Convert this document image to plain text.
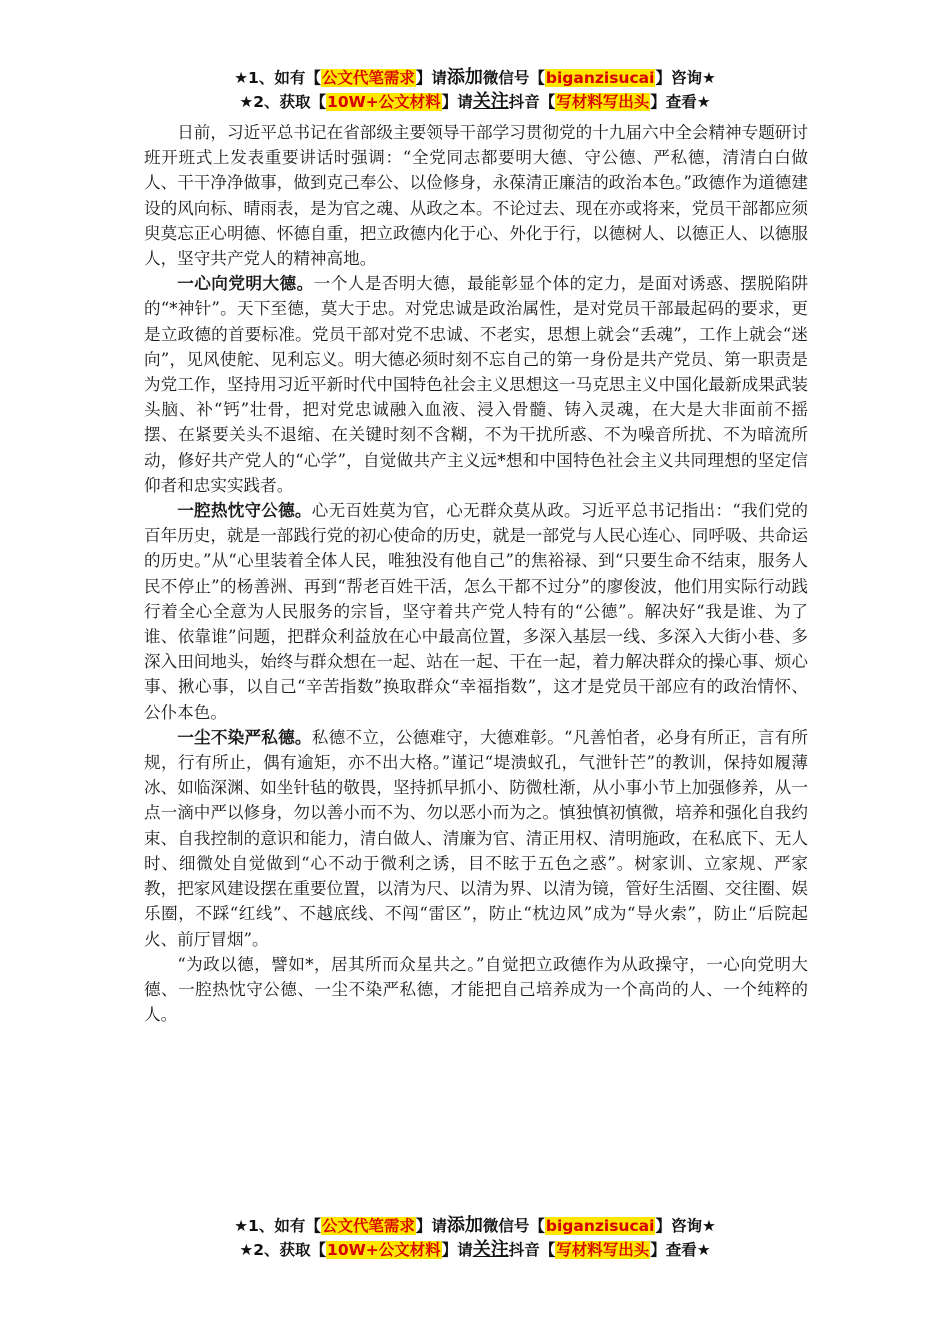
★1、如有【公文代笔需求】请添加微信号【biganzisucai】咨询★
★2、获取【10W+公文材料】请关注抖音【写材料写出头】查看★

日前，习近平总书记在省部级主要领导干部学习贯彻党的十九届六中全会精神专题研讨班开班式上发表重要讲话时强调：“全党同志都要明大德、守公德、严私德，清清白白做人、干干净净做事，做到克己奉公、以俭修身，永葆清正廉洁的政治本色。”政德作为道德建设的风向标、晴雨表，是为官之魂、从政之本。不论过去、现在亦或将来，党员干部都应须臾莫忘正心明德、怀德自重，把立政德内化于心、外化于行，以德树人、以德正人、以德服人，坚守共产党人的精神高地。

一心向党明大德。一个人是否明大德，最能彰显个体的定力，是面对诱惑、摆脱陷阱的“*神针”。天下至德，莫大于忠。对党忠诚是政治属性，是对党员干部最起码的要求，更是立政德的首要标准。党员干部对党不忠诚、不老实，思想上就会“丢魂”，工作上就会“迷向”，见风使舵、见利忘义。明大德必须时刻不忘自己的第一身份是共产党员、第一职责是为党工作，坚持用习近平新时代中国特色社会主义思想这一马克思主义中国化最新成果武装头脑、补“钙”壮骨，把对党忠诚融入血液、浸入骨髓、铸入灵魂，在大是大非面前不摇摆、在紧要关头不退缩、在关键时刻不含糊，不为干扰所惑、不为噪音所扰、不为暗流所动，修好共产党人的“心学”，自觉做共产主义远*想和中国特色社会主义共同理想的坚定信仰者和忠实实践者。

一腔热忱守公德。心无百姓莫为官，心无群众莫从政。习近平总书记指出：“我们党的百年历史，就是一部践行党的初心使命的历史，就是一部党与人民心连心、同呼吸、共命运的历史。”从“心里装着全体人民，唯独没有他自己”的焦裕禄、到“只要生命不结束，服务人民不停止”的杨善洲、再到“帮老百姓干活，怎么干都不过分”的廖俊波，他们用实际行动践行着全心全意为人民服务的宗旨，坚守着共产党人特有的“公德”。解决好“我是谁、为了谁、依靠谁”问题，把群众利益放在心中最高位置，多深入基层一线、多深入大街小巷、多深入田间地头，始终与群众想在一起、站在一起、干在一起，着力解决群众的操心事、烦心事、揪心事，以自己“辛苦指数”换取群众“幸福指数”，这才是党员干部应有的政治情怀、公仆本色。

一尘不染严私德。私德不立，公德难守，大德难彰。“凡善怕者，必身有所正，言有所规，行有所止，偶有逾矩，亦不出大格。”谨记“堤溃蚁孔，气泄针芒”的教训，保持如履薄冰、如临深渊、如坐针毡的敬畏，坚持抓早抓小、防微杜渐，从小事小节上加强修养，从一点一滴中严以修身，勿以善小而不为、勿以恶小而为之。慎独慎初慎微，培养和强化自我约束、自我控制的意识和能力，清白做人、清廉为官、清正用权、清明施政，在私底下、无人时、细微处自觉做到“心不动于微利之诱，目不眩于五色之惑”。树家训、立家规、严家教，把家风建设摆在重要位置，以清为尺、以清为界、以清为镜，管好生活圈、交往圈、娱乐圈，不踩“红线”、不越底线、不闯“雷区”，防止“枕边风”成为“导火索”，防止“后院起火、前厅冒烟”。

“为政以德，譬如*，居其所而众星共之。”自觉把立政德作为从政操守，一心向党明大德、一腔热忱守公德、一尘不染严私德，才能把自己培养成为一个高尚的人、一个纯粹的人。

★1、如有【公文代笔需求】请添加微信号【biganzisucai】咨询★
★2、获取【10W+公文材料】请关注抖音【写材料写出头】查看★
